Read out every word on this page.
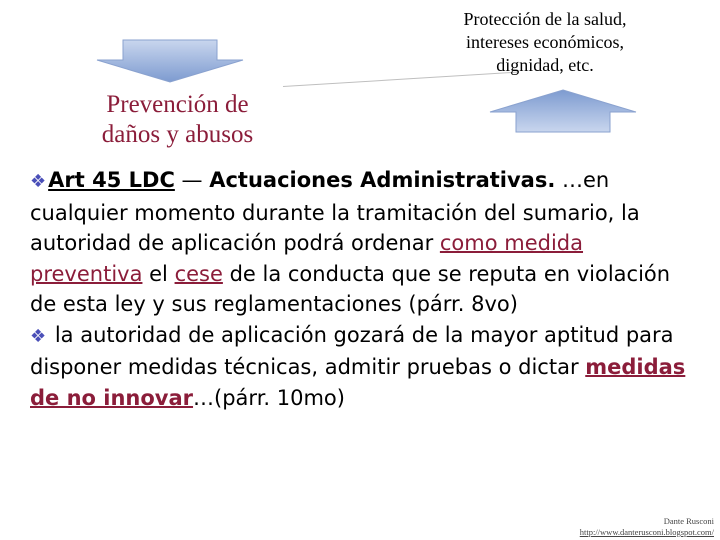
Protección de la salud,
intereses económicos,
dignidad, etc.
Prevención de
daños y abusos
❖Art 45 LDC — Actuaciones Administrativas. …en cualquier momento durante la tramitación del sumario, la autoridad de aplicación podrá ordenar como medida preventiva el cese de la conducta que se reputa en violación de esta ley y sus reglamentaciones (párr. 8vo)
❖ la autoridad de aplicación gozará de la mayor aptitud para disponer medidas técnicas, admitir pruebas o dictar medidas de no innovar…(párr. 10mo)
Dante Rusconi
http://www.danterusconi.blogspot.com/
